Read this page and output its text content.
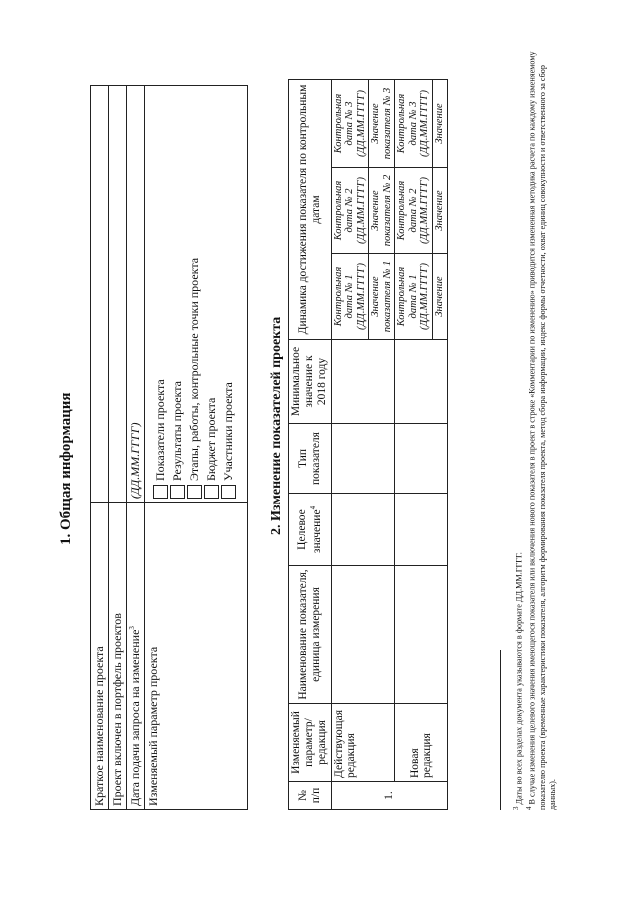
1. Общая информация
Краткое наименование проекта	
Проект включен в портфель проектов	
Дата подачи запроса на изменение$^3$	(ДД.ММ.ГГГГ)
Изменяемый параметр проекта	Показатели проекта Результаты проекта Этапы, работы, контрольные точки проекта Бюджет проекта Участники проекта 2. Изменение показателей проекта
№ п/п	Изменяемый параметр/ редакция	Наименование показателя, единица измерения	Целевое значение$^4$	Тип показателя	Минимальное значение к 2018 году	Динамика достижения показателя по контрольным датам		
1.	Действующая редакция					Контрольная дата № 1 (ДД.ММ.ГГГГ)	Контрольная дата № 2 (ДД.ММ.ГГГГ)	Контрольная дата № 3 (ДД.ММ.ГГГГ)
						Значение показателя № 1	Значение показателя № 2	Значение показателя № 3
	Новая редакция					Контрольная дата № 1 (ДД.ММ.ГГГГ)	Контрольная дата № 2 (ДД.ММ.ГГГГ)	Контрольная дата № 3 (ДД.ММ.ГГГГ)
						Значение	Значение	Значение
$^3$ Даты во всех разделах документа указываются в формате ДД.ММ.ГГГГ.
$^4$ В случае изменения целевого значения имеющегося показателя или включения нового показателя в проект в строке «Комментарии по изменению» приводится измененная методика расчета по каждому изменяемому показателю проекта (временные характеристики показателя, алгоритм формирования показателя проекта, метод сбора информации, индекс формы отчетности, охват единиц совокупности и ответственного за сбор данных).
